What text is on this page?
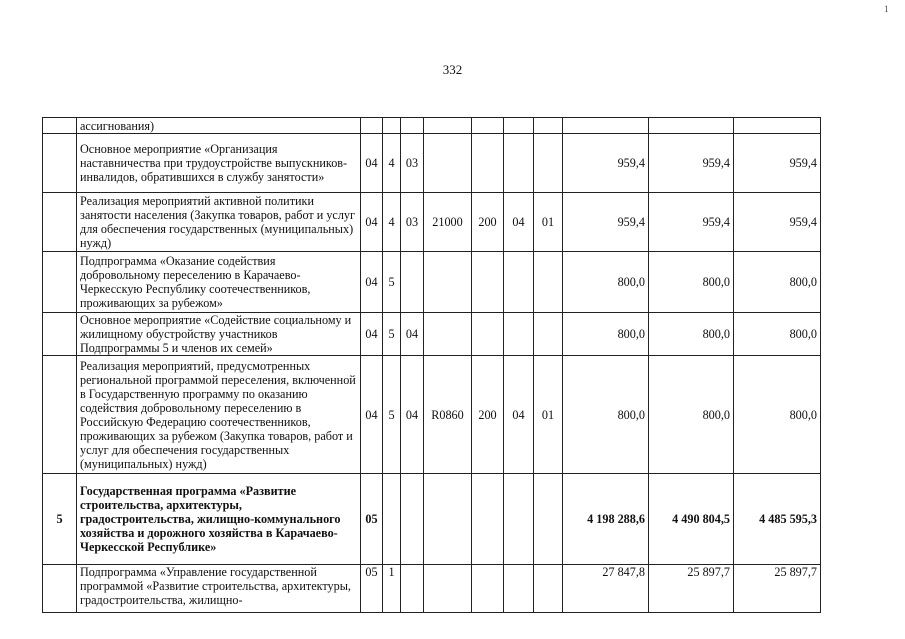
332
1
	ассигнования)										
	Основное мероприятие «Организация наставничества при трудоустройстве выпускников-инвалидов, обратившихся в службу занятости»	04	4	03					959,4	959,4	959,4
	Реализация мероприятий активной политики занятости населения (Закупка товаров, работ и услуг для обеспечения государственных (муниципальных) нужд)	04	4	03	21000	200	04	01	959,4	959,4	959,4
	Подпрограмма «Оказание содействия добровольному переселению в Карачаево-Черкесскую Республику соотечественников, проживающих за рубежом»	04	5						800,0	800,0	800,0
	Основное мероприятие «Содействие социальному и жилищному обустройству участников Подпрограммы 5 и членов их семей»	04	5	04					800,0	800,0	800,0
	Реализация мероприятий, предусмотренных региональной программой переселения, включенной в Государственную программу по оказанию содействия добровольному переселению в Российскую Федерацию соотечественников, проживающих за рубежом (Закупка товаров, работ и услуг для обеспечения государственных (муниципальных) нужд)	04	5	04	R0860	200	04	01	800,0	800,0	800,0
5	Государственная программа «Развитие строительства, архитектуры, градостроительства, жилищно-коммунального хозяйства и дорожного хозяйства в Карачаево-Черкесской Республике»	05							4 198 288,6	4 490 804,5	4 485 595,3
	Подпрограмма «Управление государственной программой «Развитие строительства, архитектуры, градостроительства, жилищно-	05	1						27 847,8	25 897,7	25 897,7
